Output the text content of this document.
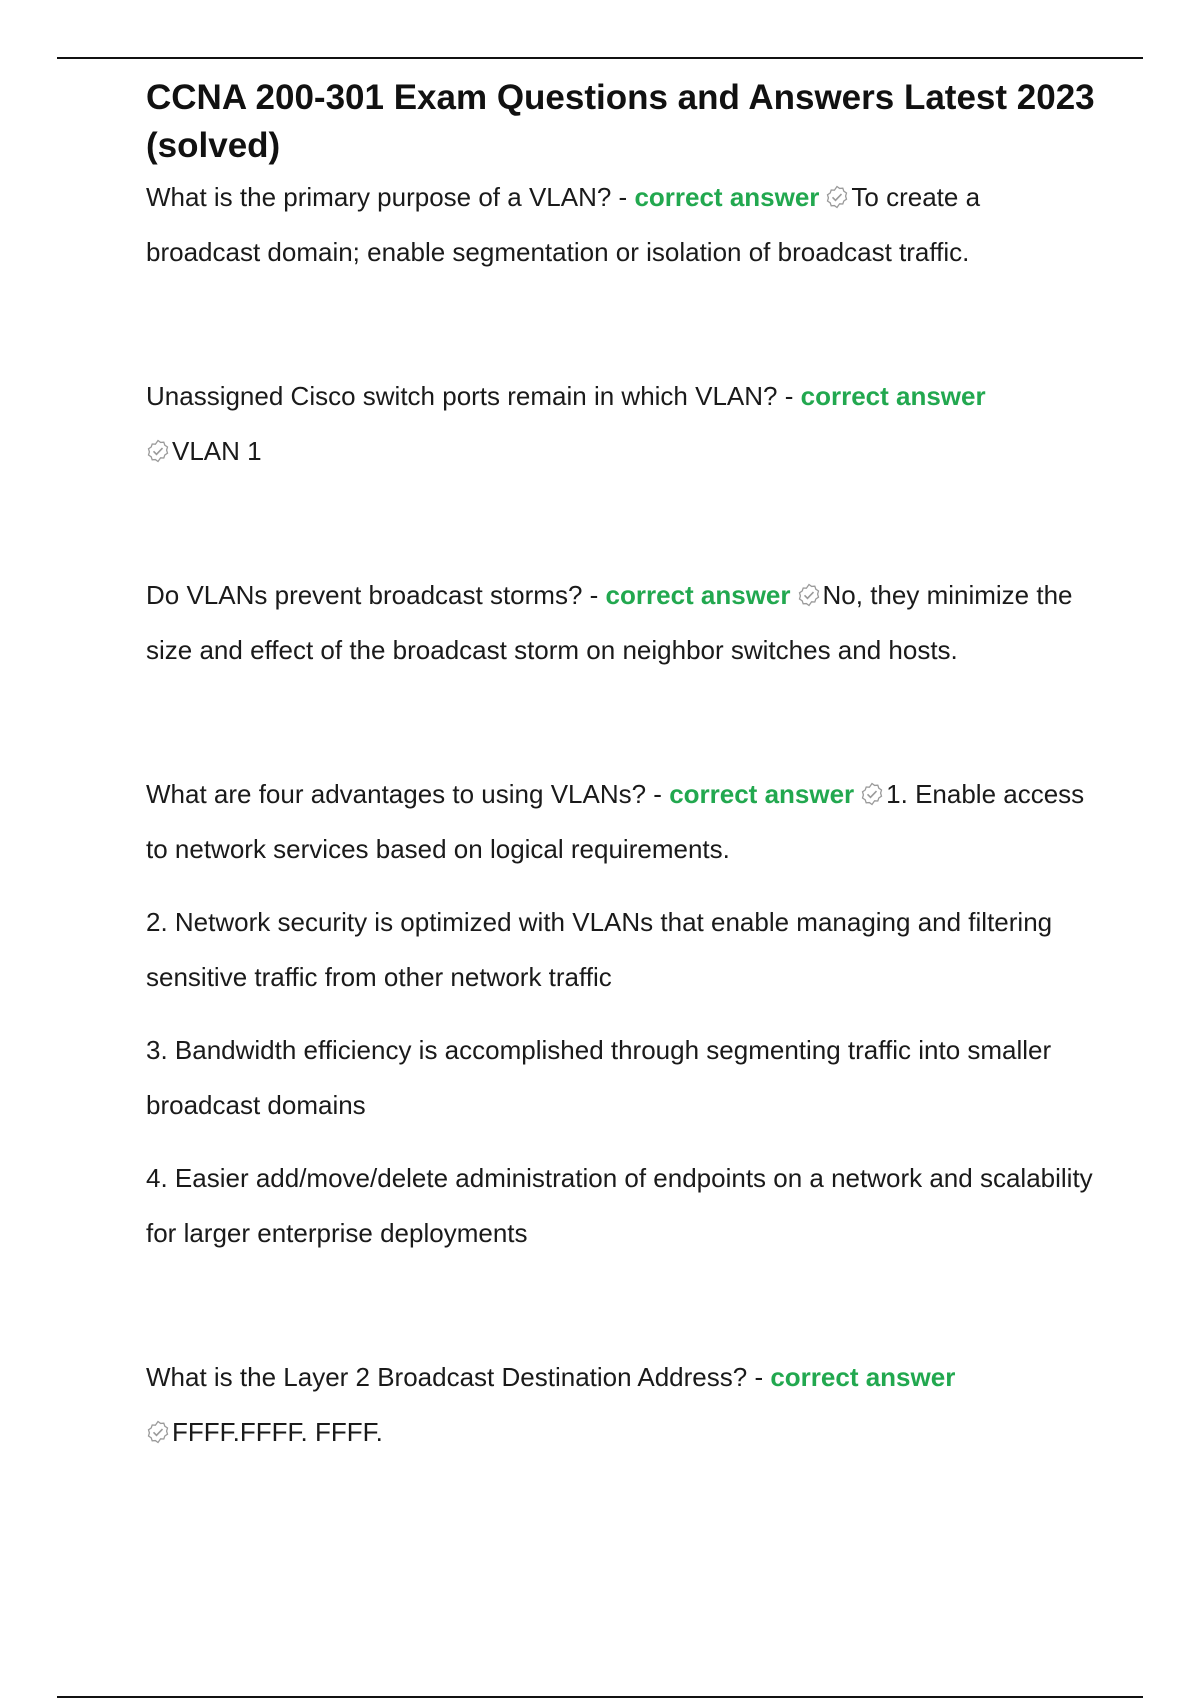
CCNA 200-301 Exam Questions and Answers Latest 2023 (solved)

What is the primary purpose of a VLAN? - correct answer To create a broadcast domain; enable segmentation or isolation of broadcast traffic.

Unassigned Cisco switch ports remain in which VLAN? - correct answer

VLAN 1

Do VLANs prevent broadcast storms? - correct answer No, they minimize the size and effect of the broadcast storm on neighbor switches and hosts.

What are four advantages to using VLANs? - correct answer 1. Enable access to network services based on logical requirements.

2. Network security is optimized with VLANs that enable managing and filtering sensitive traffic from other network traffic

3. Bandwidth efficiency is accomplished through segmenting traffic into smaller broadcast domains

4. Easier add/move/delete administration of endpoints on a network and scalability for larger enterprise deployments

What is the Layer 2 Broadcast Destination Address? - correct answer

FFFF.FFFF. FFFF.
